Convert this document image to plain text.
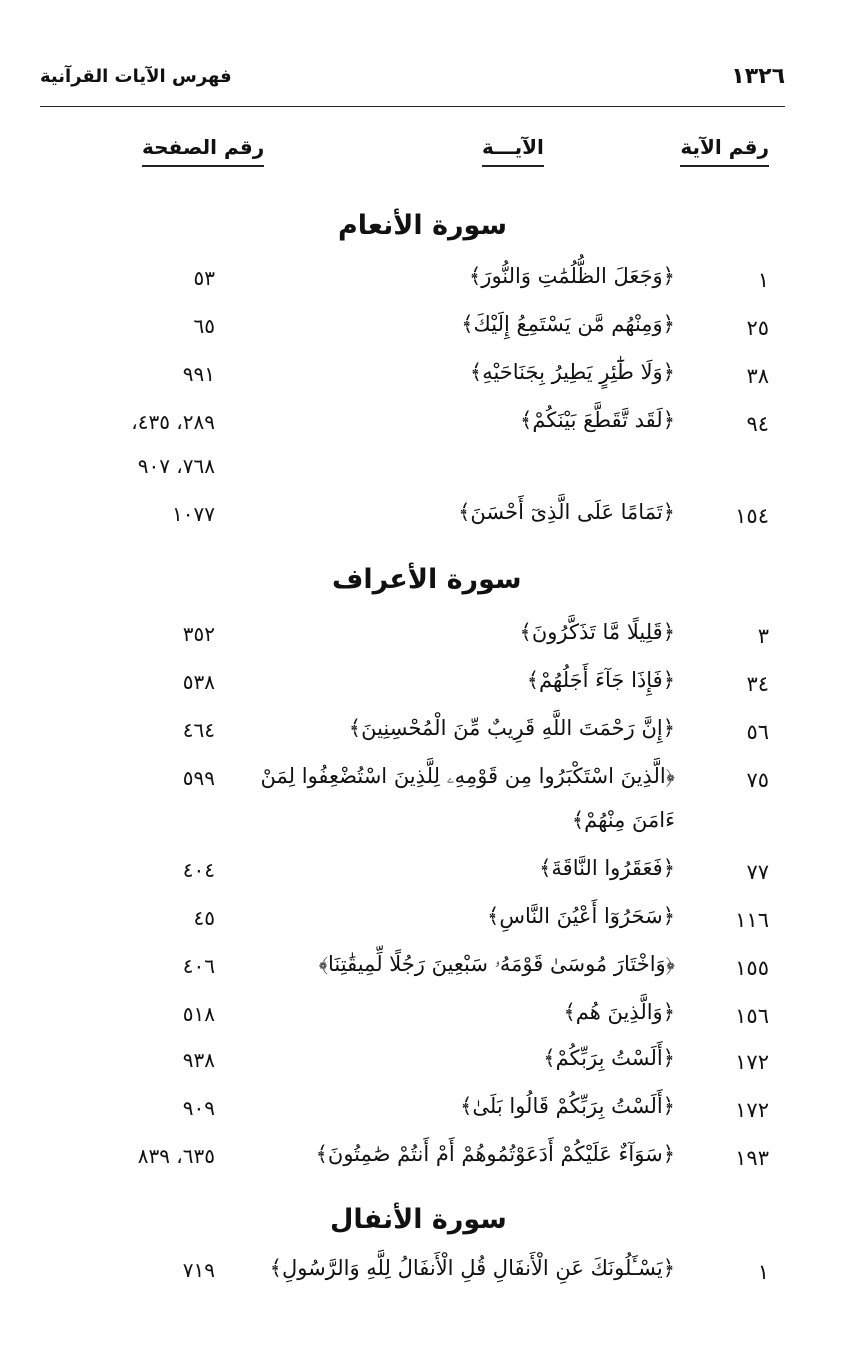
١٣٢٦
فهرس الآيات القرآنية
رقم الآية
الآيـــة
رقم الصفحة
سورة الأنعام
١
﴿وَجَعَلَ الظُّلُمَٰتِ وَالنُّورَ﴾
٥٣
٢٥
﴿وَمِنْهُم مَّن يَسْتَمِعُ إِلَيْكَ﴾
٦٥
٣٨
﴿وَلَا طَٰٓئِرٍ يَطِيرُ بِجَنَاحَيْهِ﴾
٩٩١
٩٤
﴿لَقَد تَّقَطَّعَ بَيْنَكُمْ﴾
٢٨٩، ٤٣٥،
٧٦٨، ٩٠٧
١٥٤
﴿تَمَامًا عَلَى الَّذِىٓ أَحْسَنَ﴾
١٠٧٧
سورة الأعراف
٣
﴿قَلِيلًا مَّا تَذَكَّرُونَ﴾
٣٥٢
٣٤
﴿فَإِذَا جَآءَ أَجَلُهُمْ﴾
٥٣٨
٥٦
﴿إِنَّ رَحْمَتَ اللَّهِ قَرِيبٌ مِّنَ الْمُحْسِنِينَ﴾
٤٦٤
٧٥
﴿الَّذِينَ اسْتَكْبَرُوا مِن قَوْمِهِۦ لِلَّذِينَ اسْتُضْعِفُوا لِمَنْ
٥٩٩
ءَامَنَ مِنْهُمْ﴾
٧٧
﴿فَعَقَرُوا النَّاقَةَ﴾
٤٠٤
١١٦
﴿سَحَرُوٓا أَعْيُنَ النَّاسِ﴾
٤٥
١٥٥
﴿وَاخْتَارَ مُوسَىٰ قَوْمَهُۥ سَبْعِينَ رَجُلًا لِّمِيقَٰتِنَا﴾
٤٠٦
١٥٦
﴿وَالَّذِينَ هُم﴾
٥١٨
١٧٢
﴿أَلَسْتُ بِرَبِّكُمْ﴾
٩٣٨
١٧٢
﴿أَلَسْتُ بِرَبِّكُمْ قَالُوا بَلَىٰ﴾
٩٠٩
١٩٣
﴿سَوَآءٌ عَلَيْكُمْ أَدَعَوْتُمُوهُمْ أَمْ أَنتُمْ صَٰمِتُونَ﴾
٦٣٥، ٨٣٩
سورة الأنفال
١
﴿يَسْـَٔلُونَكَ عَنِ الْأَنفَالِ قُلِ الْأَنفَالُ لِلَّهِ وَالرَّسُولِ﴾
٧١٩
